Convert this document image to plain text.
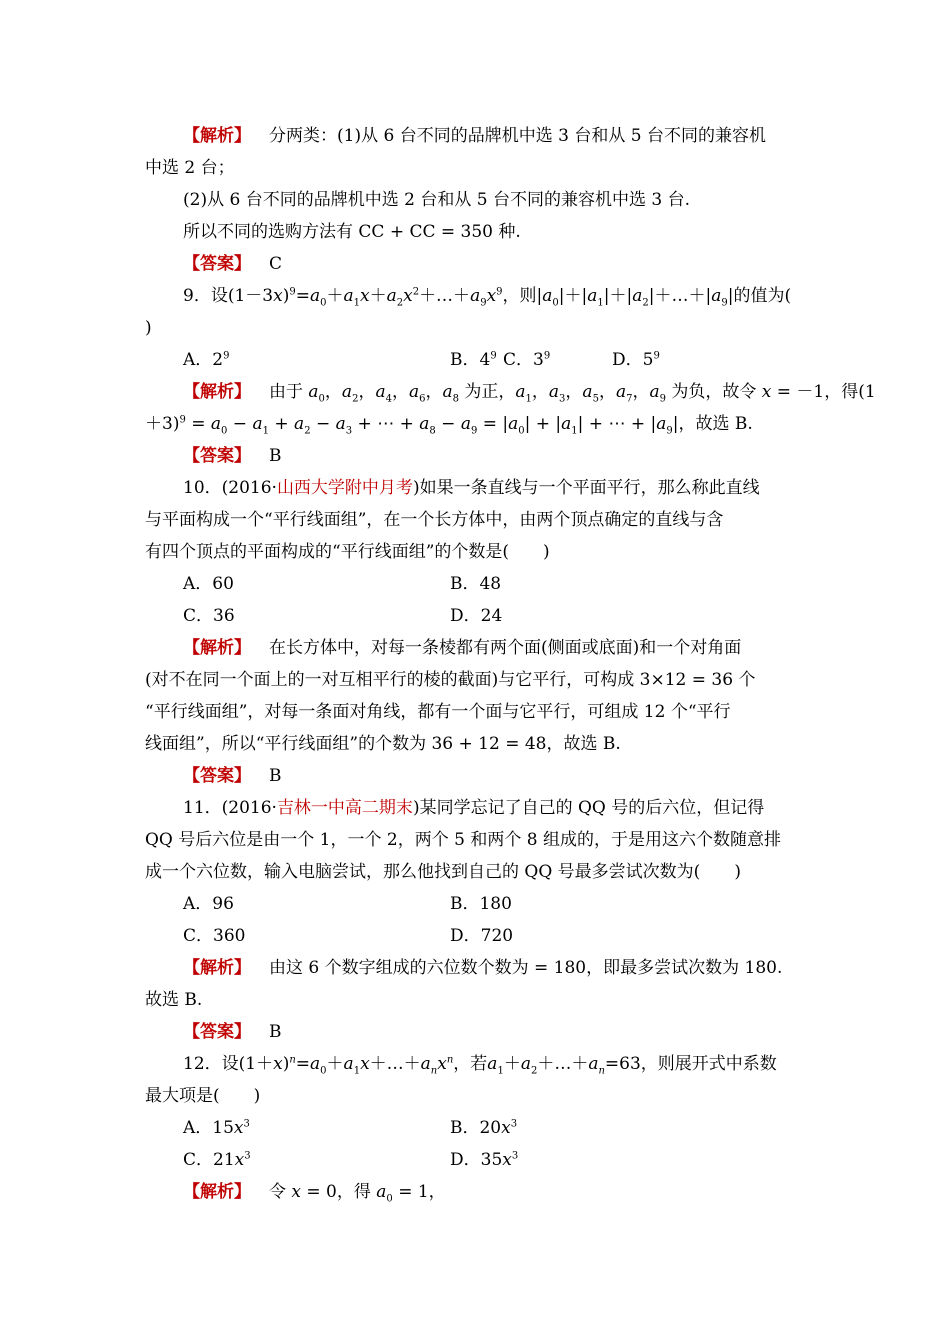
【解析】 分两类：(1)从 6 台不同的品牌机中选 3 台和从 5 台不同的兼容机
中选 2 台；
(2)从 6 台不同的品牌机中选 2 台和从 5 台不同的兼容机中选 3 台.
所以不同的选购方法有 CC + CC = 350 种.
【答案】 C
9．设$(1-3x)^9=a_0+a_1x+a_2x^2+\dots+a_9x^9$，则$|a_0|+|a_1|+|a_2|+\dots+|a_9|$的值为(
)
A．$2^9$	B．$4^9$ C．$3^9$	D．$5^9$
【解析】 由于 $a_0$，$a_2$，$a_4$，$a_6$，$a_8$ 为正，$a_1$，$a_3$，$a_5$，$a_7$，$a_9$ 为负，故令 x = －1，得(1
$+3)^9 = a_0 - a_1 + a_2 - a_3$ + ⋯ + $a_8 - a_9 = |a_0| + |a_1|$ + ⋯ + $|a_9|$，故选 B.
【答案】 B
10．(2016·山西大学附中月考)如果一条直线与一个平面平行，那么称此直线
与平面构成一个“平行线面组”，在一个长方体中，由两个顶点确定的直线与含
有四个顶点的平面构成的“平行线面组”的个数是(　　)
A．60	B．48
C．36	D．24
【解析】 在长方体中，对每一条棱都有两个面(侧面或底面)和一个对角面
(对不在同一个面上的一对互相平行的棱的截面)与它平行，可构成 3×12 = 36 个
“平行线面组”，对每一条面对角线，都有一个面与它平行，可组成 12 个“平行
线面组”，所以“平行线面组”的个数为 36 + 12 = 48，故选 B.
【答案】 B
11．(2016·吉林一中高二期末)某同学忘记了自己的 QQ 号的后六位，但记得
QQ 号后六位是由一个 1，一个 2，两个 5 和两个 8 组成的，于是用这六个数随意排
成一个六位数，输入电脑尝试，那么他找到自己的 QQ 号最多尝试次数为(　　)
A．96	B．180
C．360	D．720
【解析】 由这 6 个数字组成的六位数个数为 = 180，即最多尝试次数为 180.
故选 B.
【答案】 B
12．设$(1+x)^n=a_0+a_1x+\dots+a_nx^n$，若$a_1+a_2+\dots+a_n=63$，则展开式中系数
最大项是(　　)
A．$15x^3$	B．$20x^3$
C．$21x^3$	D．$35x^3$
【解析】 令 x = 0，得 $a_0 = 1$，
